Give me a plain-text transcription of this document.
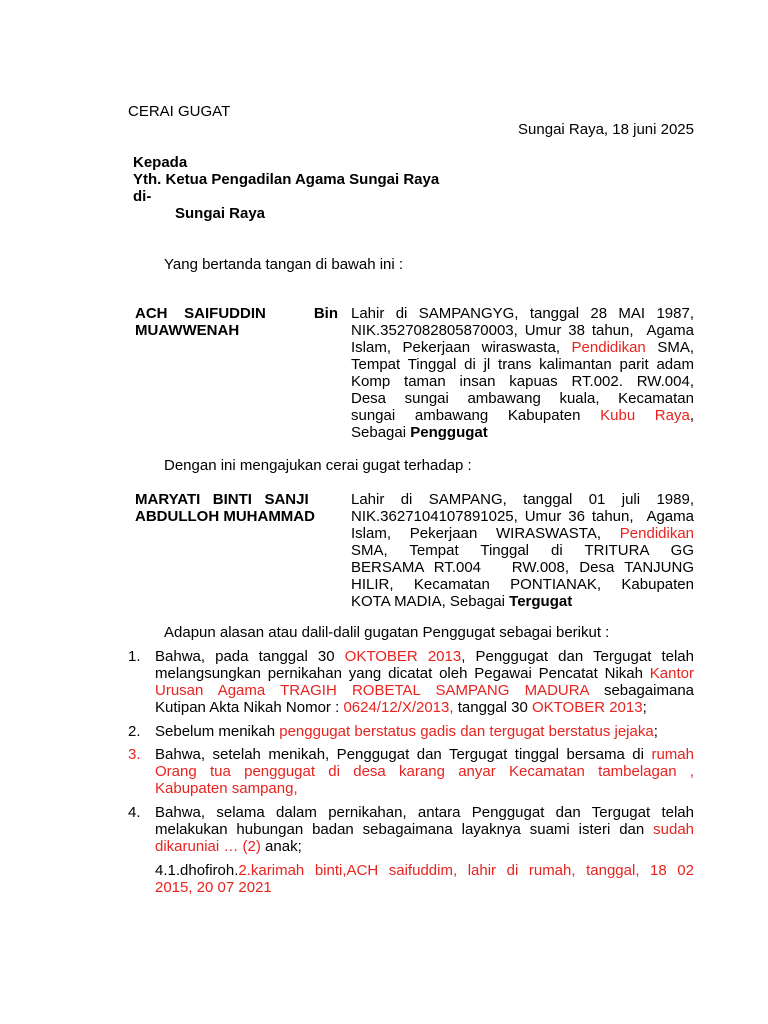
CERAI GUGAT
Sungai Raya, 18 juni 2025
Kepada
Yth. Ketua Pengadilan Agama Sungai Raya
di-
Sungai Raya
Yang bertanda tangan di bawah ini :
ACH    SAIFUDDIN	Bin
MUAWWENAH
Lahir di SAMPANGYG, tanggal 28 MAI 1987,
NIK.3527082805870003, Umur 38 tahun,  Agama
Islam, Pekerjaan wiraswasta, Pendidikan SMA,
Tempat Tinggal di jl trans kalimantan parit adam
Komp taman insan kapuas RT.002. RW.004,
Desa sungai ambawang kuala, Kecamatan
sungai ambawang Kabupaten Kubu Raya,
Sebagai Penggugat
Dengan ini mengajukan cerai gugat terhadap :
MARYATI   BINTI   SANJI
ABDULLOH MUHAMMAD
Lahir di SAMPANG, tanggal 01 juli 1989,
NIK.3627104107891025, Umur 36 tahun,  Agama
Islam, Pekerjaan WIRASWASTA, Pendidikan
SMA, Tempat Tinggal di TRITURA GG
BERSAMA RT.004   RW.008, Desa TANJUNG
HILIR, Kecamatan PONTIANAK, Kabupaten
KOTA MADIA, Sebagai Tergugat
Adapun alasan atau dalil-dalil gugatan Penggugat sebagai berikut :
1. Bahwa, pada tanggal 30 OKTOBER 2013, Penggugat dan Tergugat telah
melangsungkan pernikahan yang dicatat oleh Pegawai Pencatat Nikah Kantor
Urusan Agama TRAGIH ROBETAL SAMPANG MADURA sebagaimana
Kutipan Akta Nikah Nomor : 0624/12/X/2013, tanggal 30 OKTOBER 2013;
2. Sebelum menikah penggugat berstatus gadis dan tergugat berstatus jejaka;
3. Bahwa, setelah menikah, Penggugat dan Tergugat tinggal bersama di rumah
Orang tua penggugat di desa karang anyar Kecamatan tambelagan ,
Kabupaten sampang,
4. Bahwa, selama dalam pernikahan, antara Penggugat dan Tergugat telah
melakukan hubungan badan sebagaimana layaknya suami isteri dan sudah
dikaruniai … (2) anak;
4.1.dhofiroh.2.karimah binti,ACH saifuddim, lahir di rumah, tanggal, 18 02
2015, 20 07 2021
